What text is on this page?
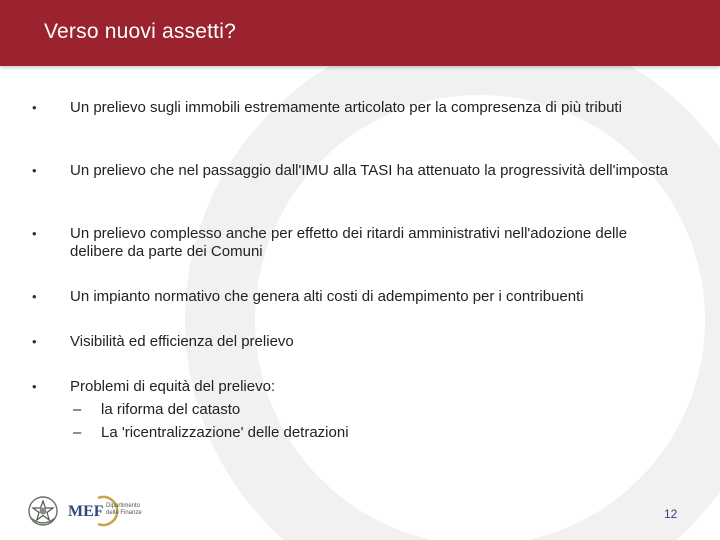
Verso nuovi assetti?
• Un prelievo sugli immobili estremamente articolato per la compresenza di più tributi
• Un prelievo che nel passaggio dall'IMU alla TASI ha attenuato la progressività dell'imposta
• Un prelievo complesso anche per effetto dei ritardi amministrativi nell'adozione delle delibere da parte dei Comuni
• Un impianto normativo che genera alti costi di adempimento per i contribuenti
• Visibilità ed efficienza del prelievo
• Problemi di equità del prelievo:
– la riforma del catasto
– La 'ricentralizzazione' delle detrazioni
MEF Dipartimento
delle Finanze	12
